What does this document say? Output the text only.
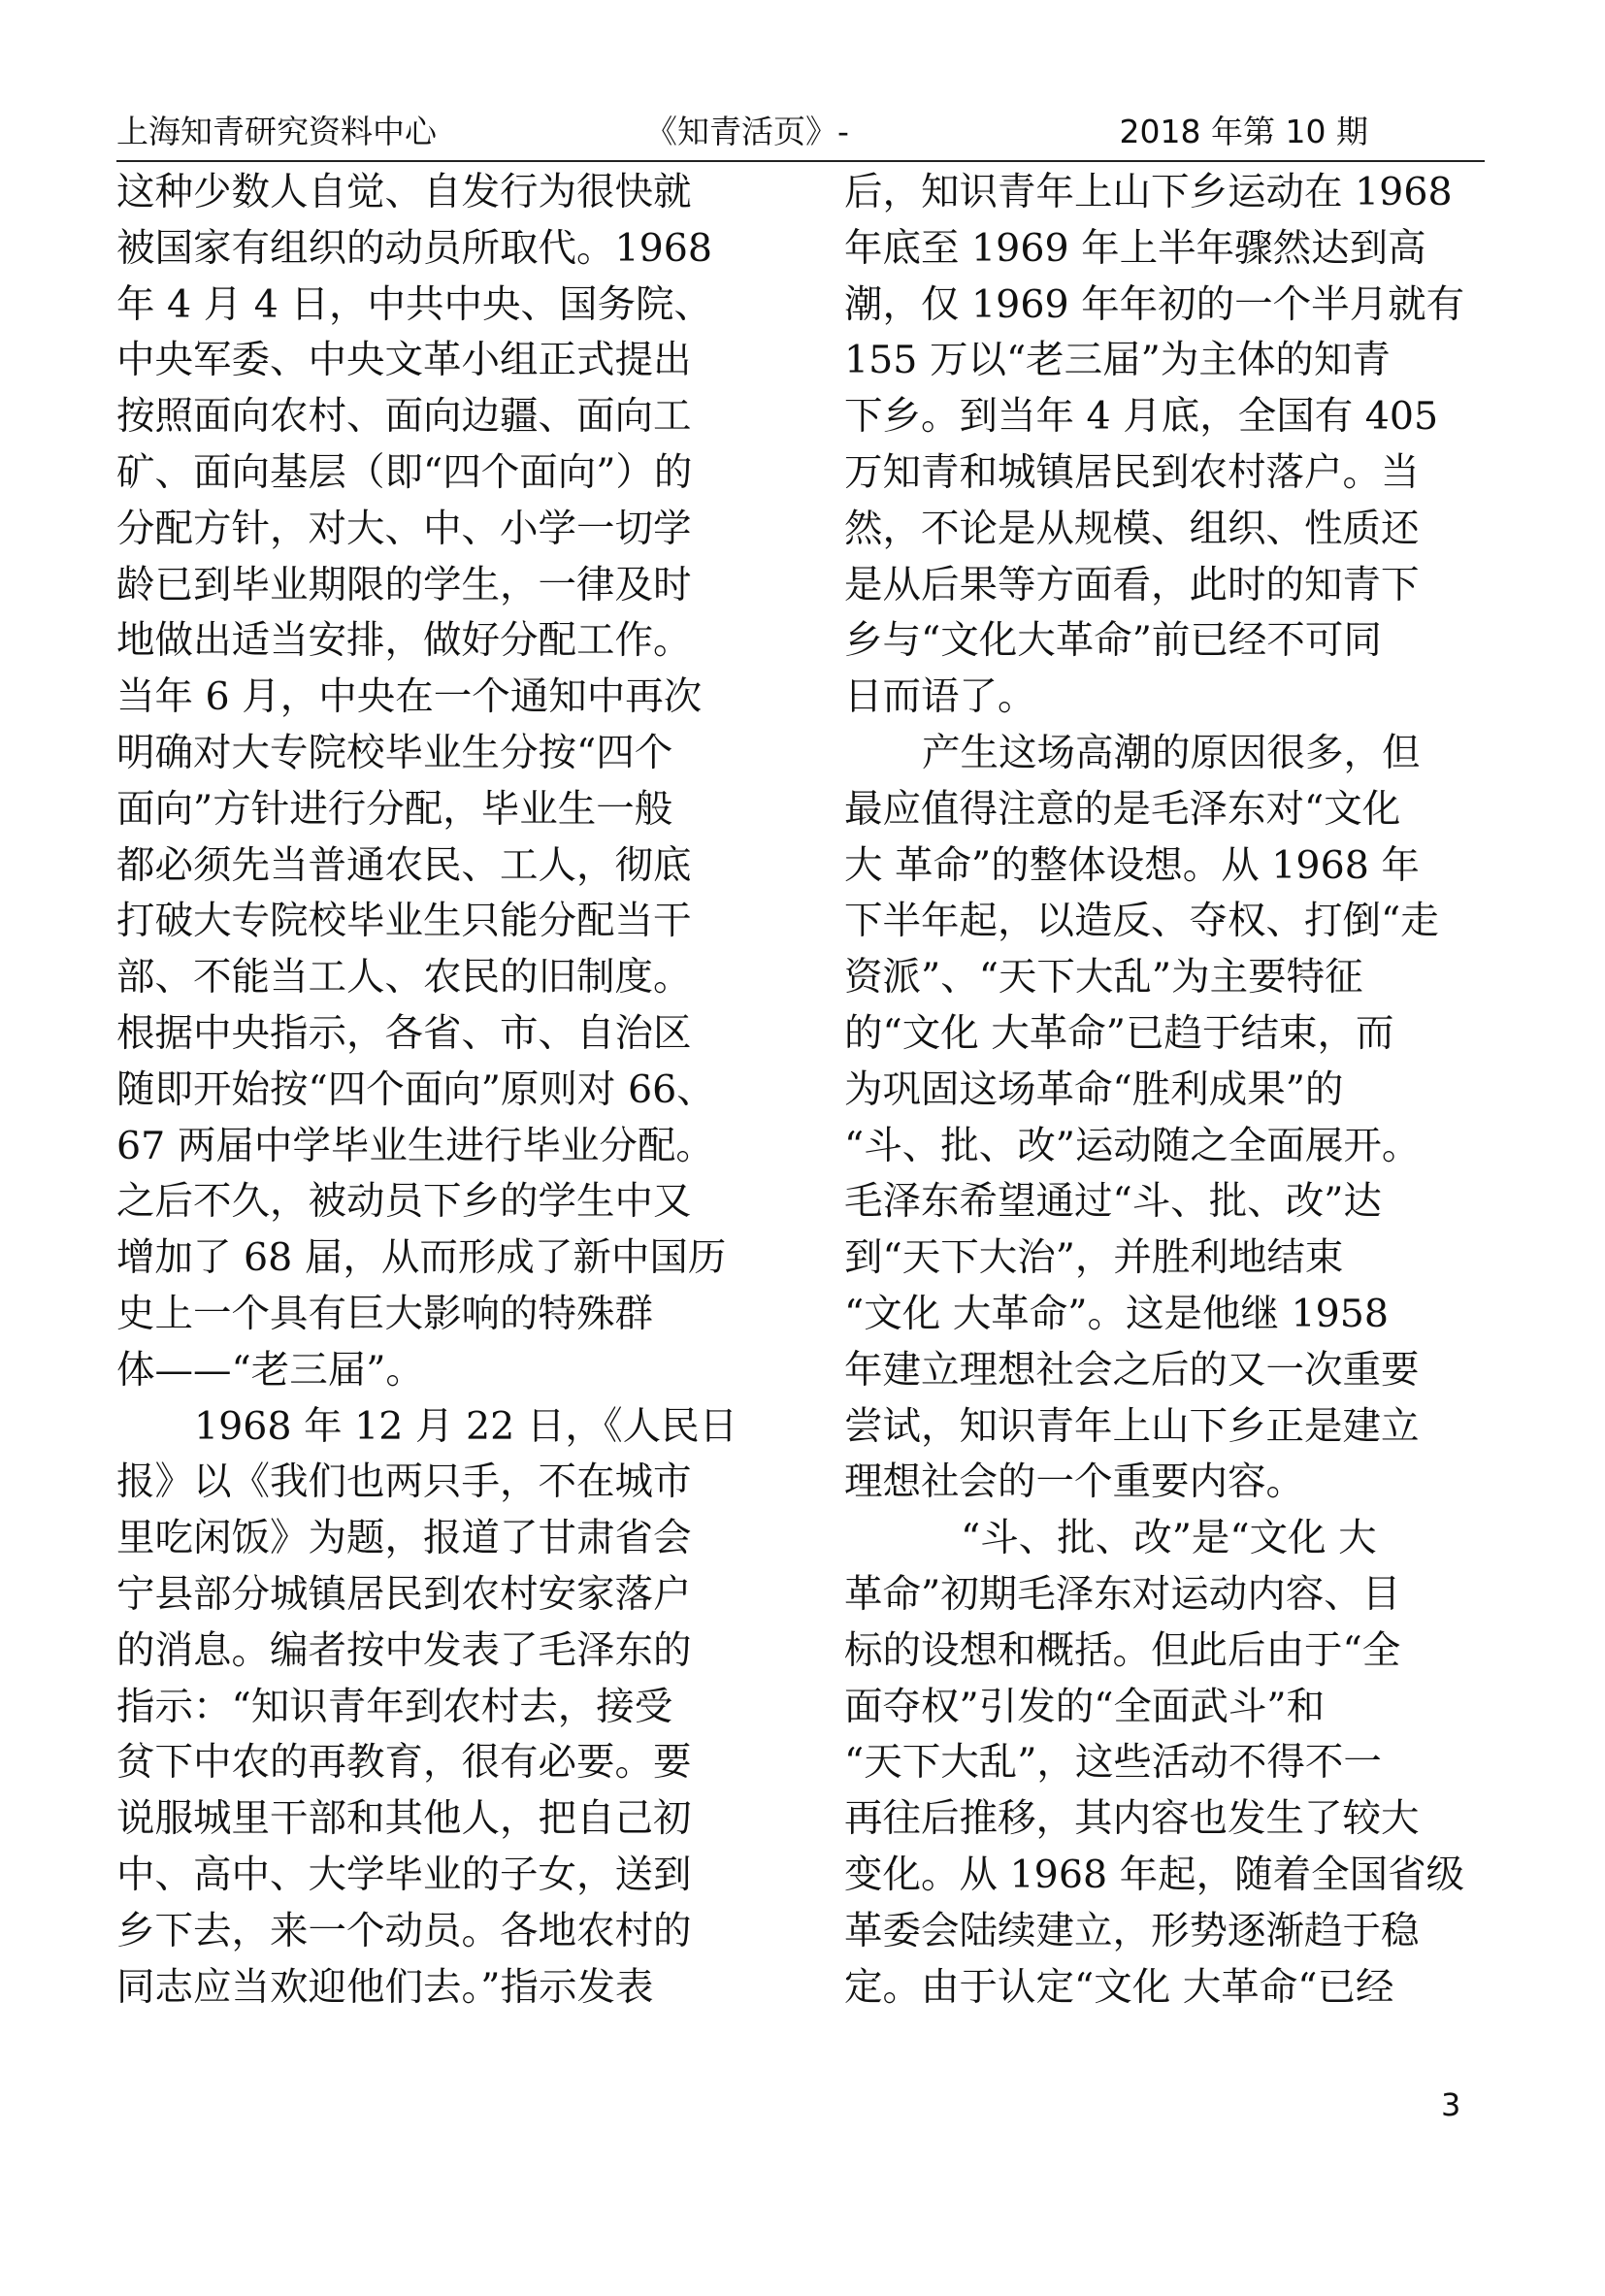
上海知青研究资料中心	《知青活页》-	2018 年第 10 期
这种少数人自觉、自发行为很快就
被国家有组织的动员所取代。1968
年 4 月 4 日，中共中央、国务院、
中央军委、中央文革小组正式提出
按照面向农村、面向边疆、面向工
矿、面向基层（即“四个面向”）的
分配方针，对大、中、小学一切学
龄已到毕业期限的学生，一律及时
地做出适当安排，做好分配工作。
当年 6 月，中央在一个通知中再次
明确对大专院校毕业生分按“四个
面向”方针进行分配，毕业生一般
都必须先当普通农民、工人，彻底
打破大专院校毕业生只能分配当干
部、不能当工人、农民的旧制度。
根据中央指示，各省、市、自治区
随即开始按“四个面向”原则对 66、
67 两届中学毕业生进行毕业分配。
之后不久，被动员下乡的学生中又
增加了 68 届，从而形成了新中国历
史上一个具有巨大影响的特殊群
体——“老三届”。
1968 年 12 月 22 日，《人民日
报》以《我们也两只手，不在城市
里吃闲饭》为题，报道了甘肃省会
宁县部分城镇居民到农村安家落户
的消息。编者按中发表了毛泽东的
指示：“知识青年到农村去，接受
贫下中农的再教育，很有必要。要
说服城里干部和其他人，把自己初
中、高中、大学毕业的子女，送到
乡下去，来一个动员。各地农村的
同志应当欢迎他们去。”指示发表
后，知识青年上山下乡运动在 1968
年底至 1969 年上半年骤然达到高
潮，仅 1969 年年初的一个半月就有
155 万以“老三届”为主体的知青
下乡。到当年 4 月底，全国有 405
万知青和城镇居民到农村落户。当
然，不论是从规模、组织、性质还
是从后果等方面看，此时的知青下
乡与“文化大革命”前已经不可同
日而语了。
产生这场高潮的原因很多，但
最应值得注意的是毛泽东对“文化
大 革命”的整体设想。从 1968 年
下半年起，以造反、夺权、打倒“走
资派”、“天下大乱”为主要特征
的“文化 大革命”已趋于结束，而
为巩固这场革命“胜利成果”的
“斗、批、改”运动随之全面展开。
毛泽东希望通过“斗、批、改”达
到“天下大治”，并胜利地结束
“文化 大革命”。这是他继 1958
年建立理想社会之后的又一次重要
尝试，知识青年上山下乡正是建立
理想社会的一个重要内容。
“斗、批、改”是“文化 大
革命”初期毛泽东对运动内容、目
标的设想和概括。但此后由于“全
面夺权”引发的“全面武斗”和
“天下大乱”，这些活动不得不一
再往后推移，其内容也发生了较大
变化。从 1968 年起，随着全国省级
革委会陆续建立，形势逐渐趋于稳
定。由于认定“文化 大革命“已经
3
